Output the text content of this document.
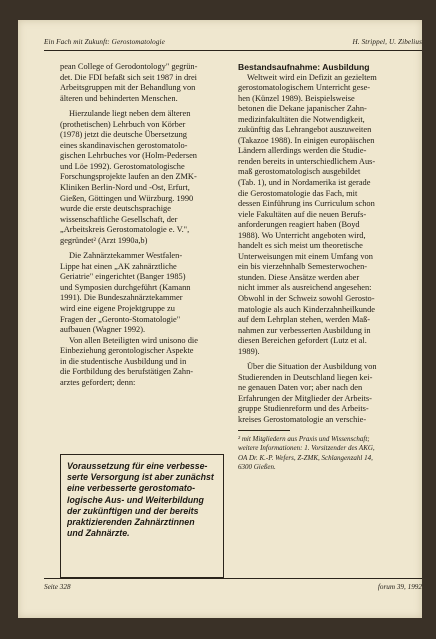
Ein Fach mit Zukunft: Gerostomatologie	H. Strippel, U. Zibelius
pean College of Gerodontology" gegrün-
det. Die FDI befaßt sich seit 1987 in drei
Arbeitsgruppen mit der Behandlung von
älteren und behinderten Menschen.
Hierzulande liegt neben dem älteren
(prothetischen) Lehrbuch von Körber
(1978) jetzt die deutsche Übersetzung
eines skandinavischen gerostomatolo-
gischen Lehrbuches vor (Holm-Pedersen
und Löe 1992). Gerostomatologische
Forschungsprojekte laufen an den ZMK-
Kliniken Berlin-Nord und -Ost, Erfurt,
Gießen, Göttingen und Würzburg. 1990
wurde die erste deutschsprachige
wissenschaftliche Gesellschaft, der
„Arbeitskreis Gerostomatologie e. V.",
gegründet² (Arzt 1990a,b)
Die Zahnärztekammer Westfalen-
Lippe hat einen „AK zahnärztliche
Geriatrie" eingerichtet (Banger 1985)
und Symposien durchgeführt (Kamann
1991). Die Bundeszahnärztekammer
wird eine eigene Projektgruppe zu
Fragen der „Geronto-Stomatologie"
aufbauen (Wagner 1992).
Von allen Beteiligten wird unisono die
Einbeziehung gerontologischer Aspekte
in die studentische Ausbildung und in
die Fortbildung des berufstätigen Zahn-
arztes gefordert; denn:
Voraussetzung für eine verbesse-
serte Versorgung ist aber zunächst
eine verbesserte gerostomato-
logische Aus- und Weiterbildung
der zukünftigen und der bereits
praktizierenden Zahnärztinnen
und Zahnärzte.
Bestandsaufnahme: Ausbildung
Weltweit wird ein Defizit an gezieltem
gerostomatologischem Unterricht gese-
hen (Künzel 1989). Beispielsweise
betonen die Dekane japanischer Zahn-
medizinfakultäten die Notwendigkeit,
zukünftig das Lehrangebot auszuweiten
(Takazoe 1988). In einigen europäischen
Ländern allerdings werden die Studie-
renden bereits in unterschiedlichem Aus-
maß gerostomatologisch ausgebildet
(Tab. 1), und in Nordamerika ist gerade
die Gerostomatologie das Fach, mit
dessen Einführung ins Curriculum schon
viele Fakultäten auf die neuen Berufs-
anforderungen reagiert haben (Boyd
1988). Wo Unterricht angeboten wird,
handelt es sich meist um theoretische
Unterweisungen mit einem Umfang von
ein bis vierzehnhalb Semesterwochen-
stunden. Diese Ansätze werden aber
nicht immer als ausreichend angesehen:
Obwohl in der Schweiz sowohl Gerosto-
matologie als auch Kinderzahnheilkunde
auf dem Lehrplan stehen, werden Maß-
nahmen zur verbesserten Ausbildung in
diesen Bereichen gefordert (Lutz et al.
1989).
Über die Situation der Ausbildung von
Studierenden in Deutschland liegen kei-
ne genauen Daten vor; aber nach den
Erfahrungen der Mitglieder der Arbeits-
gruppe Studienreform und des Arbeits-
kreises Gerostomatologie an verschie-
² mit Mitgliedern aus Praxis und Wissenschaft;
weitere Informationen: 1. Vorsitzender des AKG,
OA Dr. K.-P. Wefers, Z-ZMK, Schlangenzahl 14,
6300 Gießen.
Seite 328	forum 39, 1992
